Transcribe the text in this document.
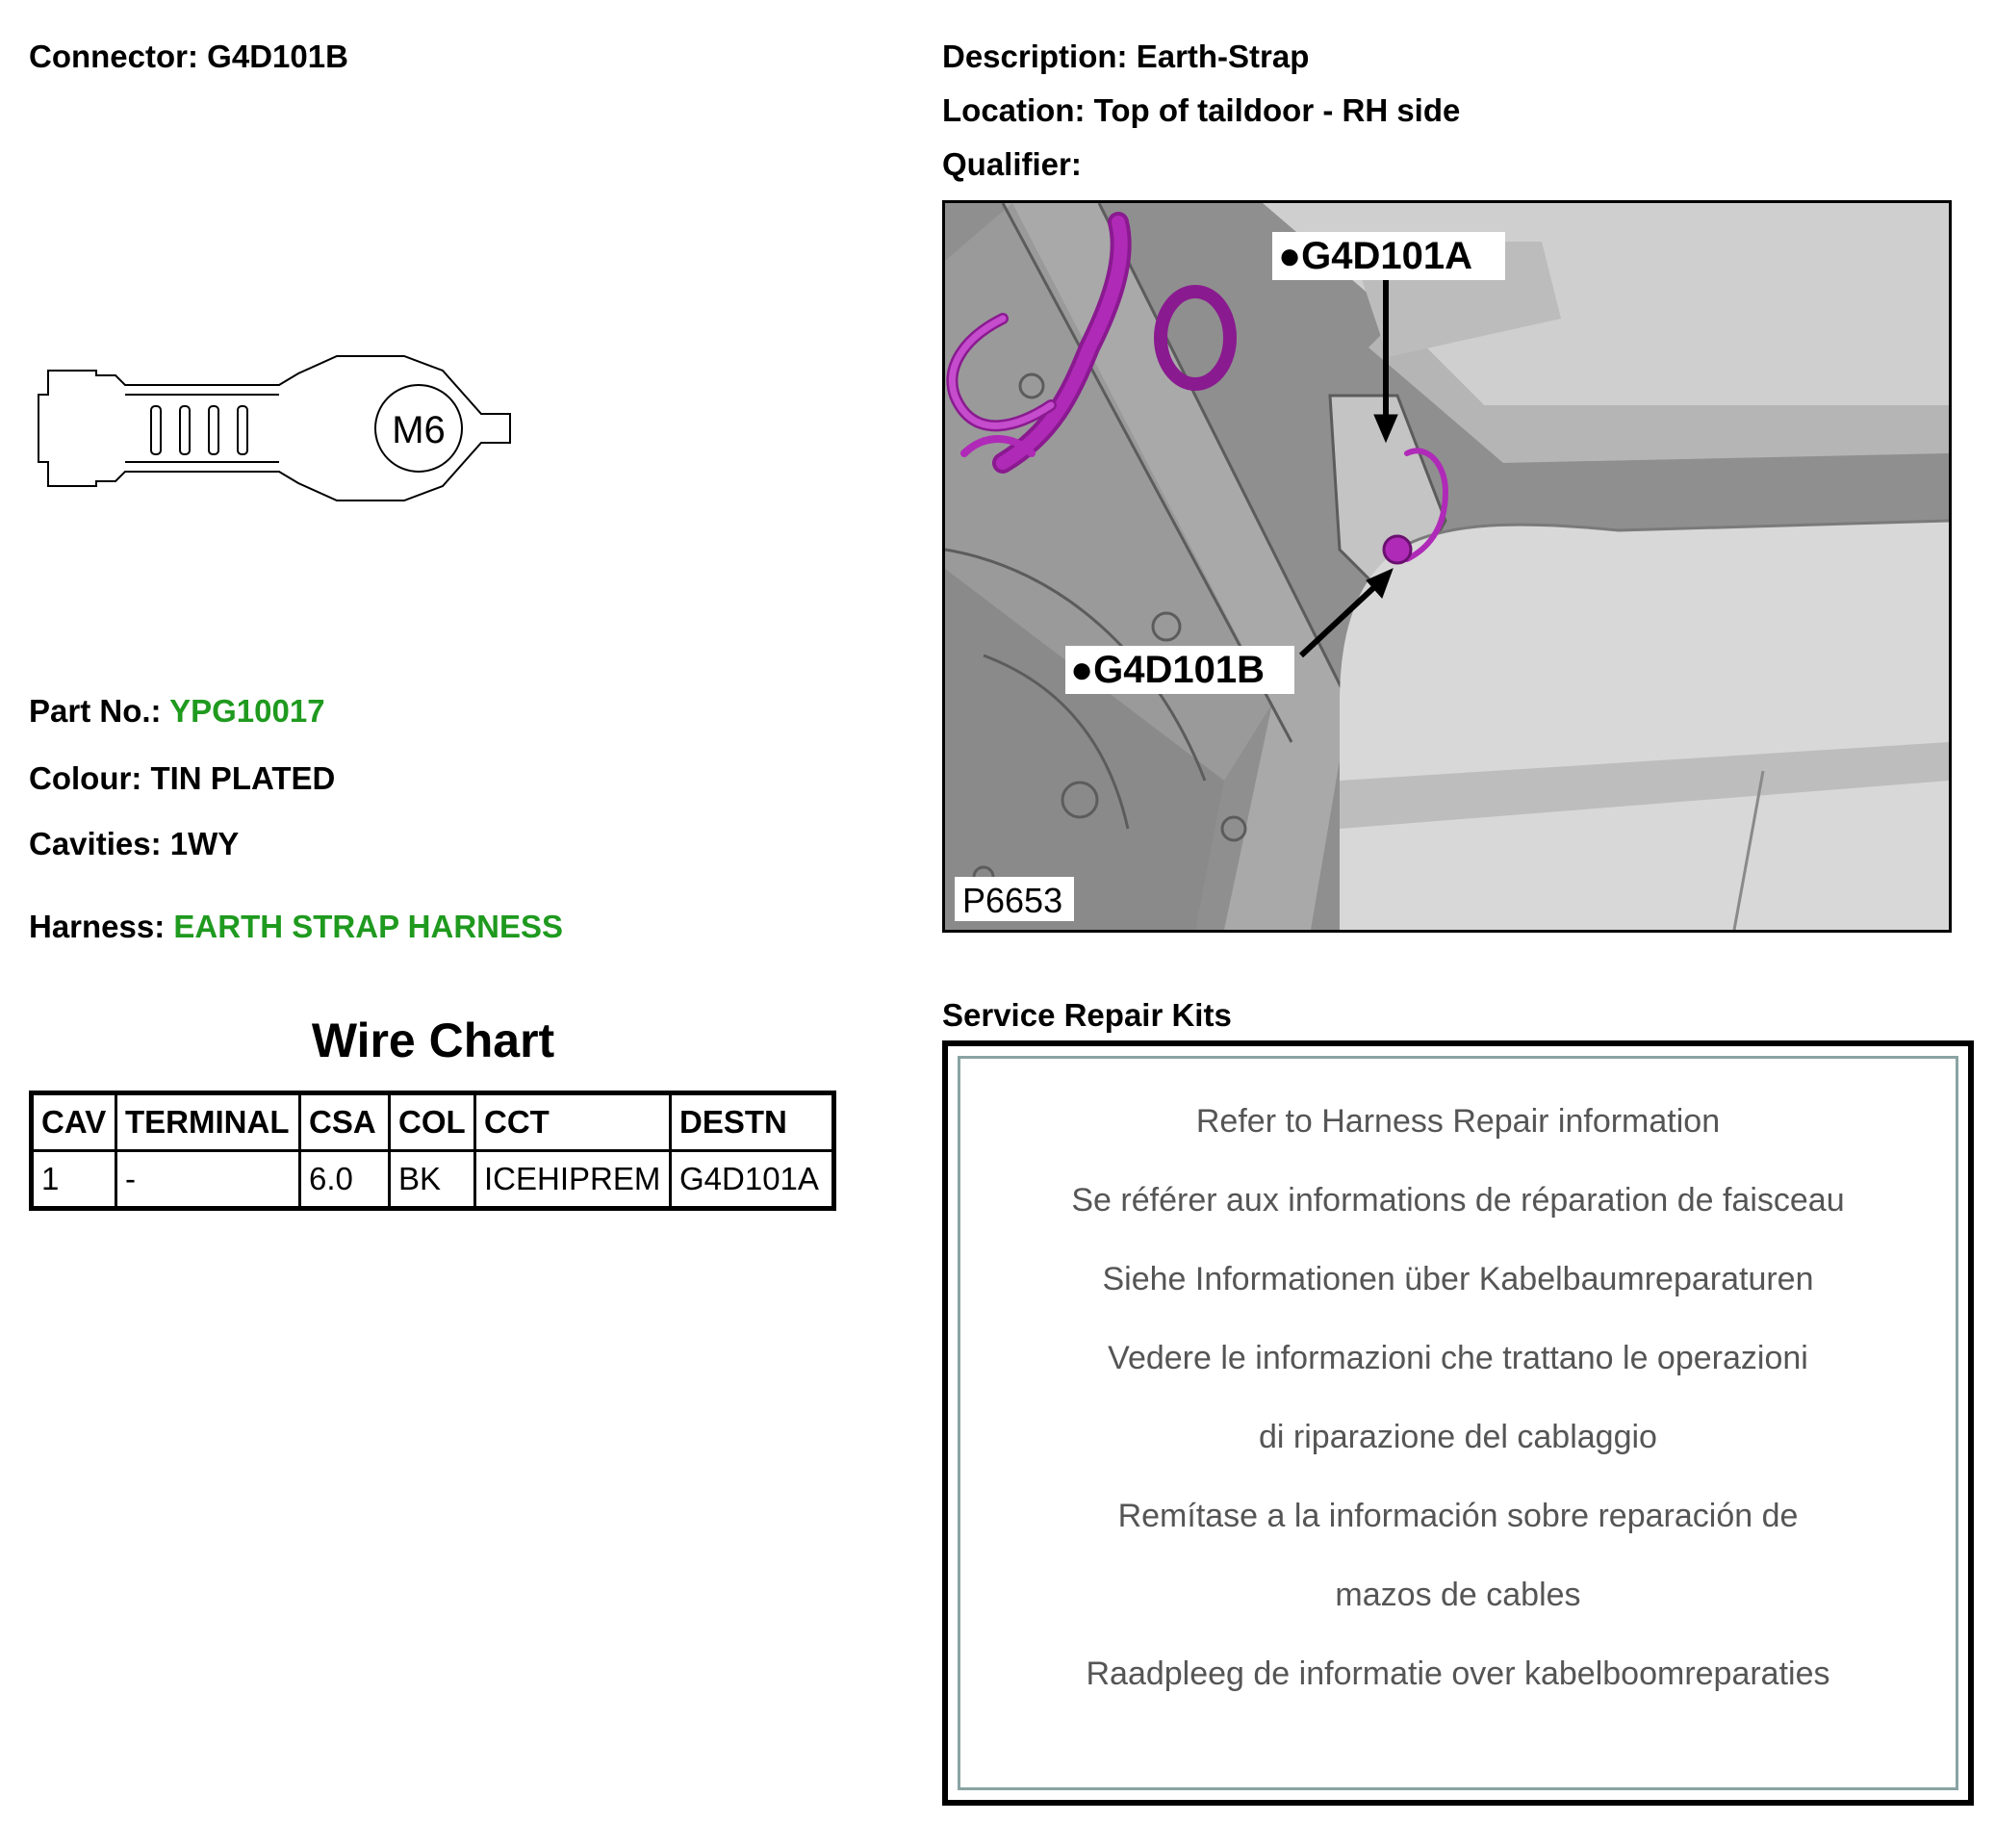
Connector: G4D101B	Description: Earth-Strap
Location: Top of taildoor - RH side
Qualifier:
M6
Part No.: YPG10017
Colour: TIN PLATED
Cavities: 1WY
Harness: EARTH STRAP HARNESS
Wire Chart
CAV	TERMINAL	CSA	COL	CCT	DESTN
1	-	6.0	BK	ICEHIPREM	G4D101A
●G4D101A
●G4D101B
P6653
Service Repair Kits
Refer to Harness Repair information
Se référer aux informations de réparation de faisceau
Siehe Informationen über Kabelbaumreparaturen
Vedere le informazioni che trattano le operazioni
di riparazione del cablaggio
Remítase a la información sobre reparación de
mazos de cables
Raadpleeg de informatie over kabelboomreparaties
